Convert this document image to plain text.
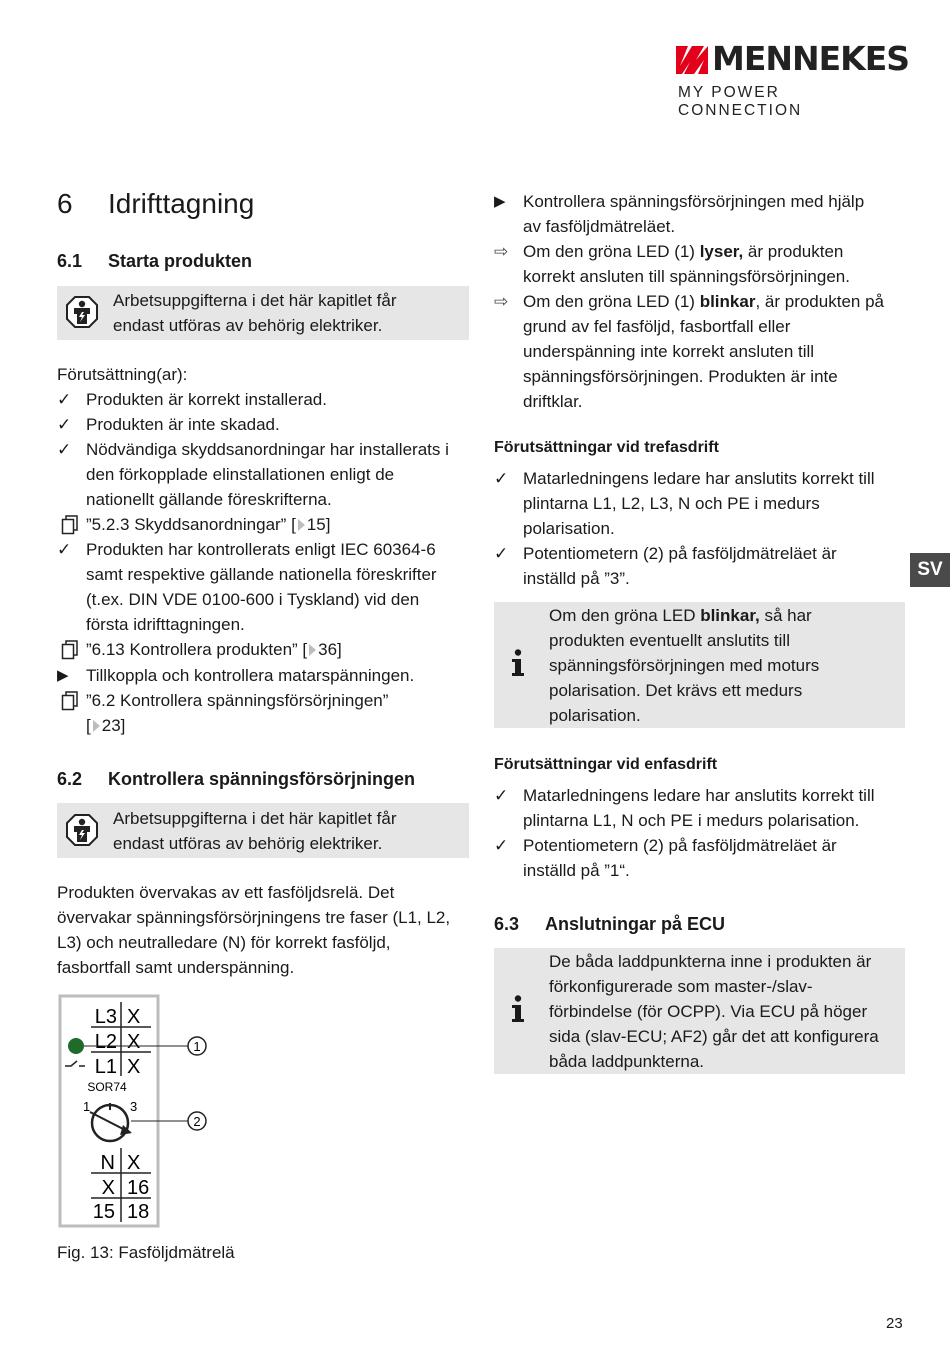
MENNEKES
MY POWER CONNECTION
6 Idrifttagning
6.1 Starta produkten
Arbetsuppgifterna i det här kapitlet får
endast utföras av behörig elektriker.
Förutsättning(ar):
✓ Produkten är korrekt installerad.
✓ Produkten är inte skadad.
✓ Nödvändiga skyddsanordningar har installerats i
den förkopplade elinstallationen enligt de
nationellt gällande föreskrifterna.
”5.2.3 Skyddsanordningar” [ 15]
✓ Produkten har kontrollerats enligt IEC 60364-6
samt respektive gällande nationella föreskrifter
(t.ex. DIN VDE 0100-600 i Tyskland) vid den
första idrifttagningen.
”6.13 Kontrollera produkten” [ 36]
▶	Tillkoppla och kontrollera matarspänningen.
”6.2 Kontrollera spänningsförsörjningen”
[ 23]
6.2 Kontrollera spänningsförsörjningen
Arbetsuppgifterna i det här kapitlet får
endast utföras av behörig elektriker.
Produkten övervakas av ett fasföljdsrelä. Det
övervakar spänningsförsörjningens tre faser (L1, L2,
L3) och neutralledare (N) för korrekt fasföljd,
fasbortfall samt underspänning.
L3 X
L2 X
L1 X
1
SOR74
1	3
2
N X
X 16
15 18
Fig. 13: Fasföljdmätrelä
▶	Kontrollera spänningsförsörjningen med hjälp
av fasföljdmätreläet.
⇨ Om den gröna LED (1) lyser, är produkten
korrekt ansluten till spänningsförsörjningen.
⇨ Om den gröna LED (1) blinkar, är produkten på
grund av fel fasföljd, fasbortfall eller
underspänning inte korrekt ansluten till
spänningsförsörjningen. Produkten är inte
driftklar.
Förutsättningar vid trefasdrift
✓ Matarledningens ledare har anslutits korrekt till
plintarna L1, L2, L3, N och PE i medurs
polarisation.
✓ Potentiometern (2) på fasföljdmätreläet är
inställd på ”3”.
Om den gröna LED blinkar, så har
produkten eventuellt anslutits till
spänningsförsörjningen med moturs
polarisation. Det krävs ett medurs
polarisation.
Förutsättningar vid enfasdrift
✓ Matarledningens ledare har anslutits korrekt till
plintarna L1, N och PE i medurs polarisation.
✓ Potentiometern (2) på fasföljdmätreläet är
inställd på ”1“.
6.3 Anslutningar på ECU
De båda laddpunkterna inne i produkten är
förkonfigurerade som master-/slav-
förbindelse (för OCPP). Via ECU på höger
sida (slav-ECU; AF2) går det att konfigurera
båda laddpunkterna.
SV
23
